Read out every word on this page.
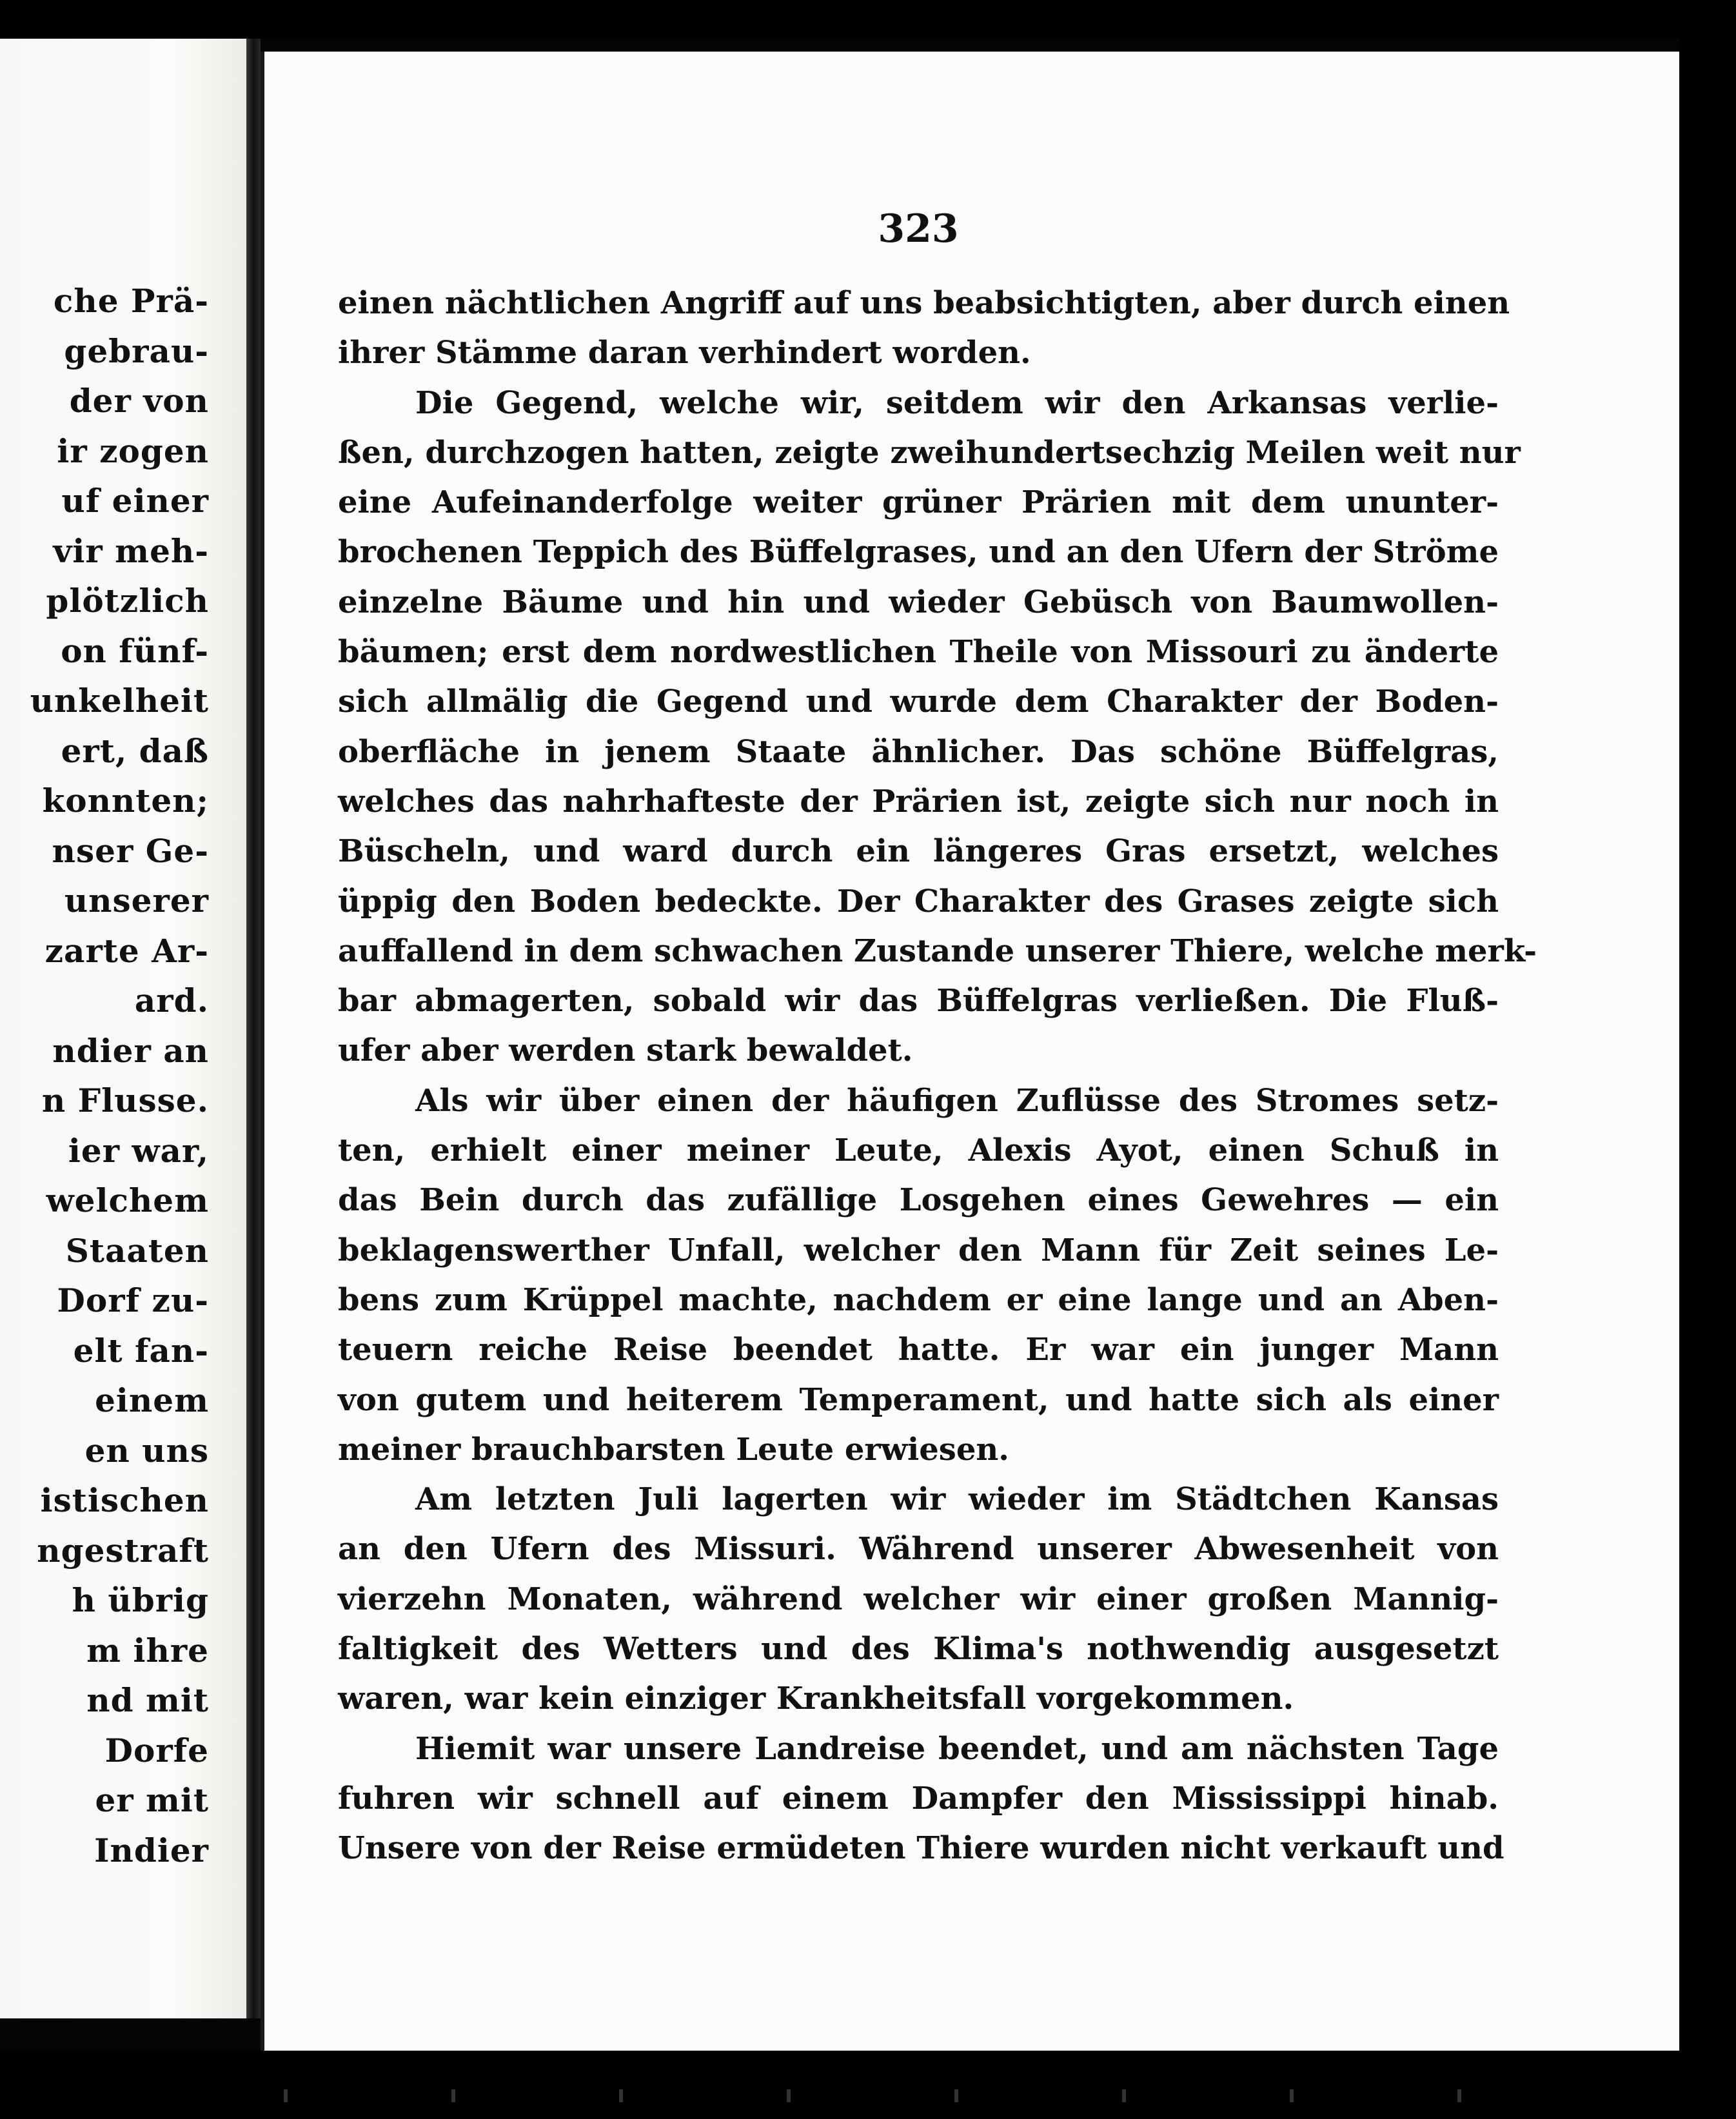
che Prä-
gebrau-
der von
ir zogen
uf einer
vir meh-
plötzlich
on fünf-
unkelheit
ert, daß
konnten;
nser Ge-
unserer
zarte Ar-
ard.
ndier an
n Flusse.
ier war,
welchem
Staaten
Dorf zu-
elt fan-
einem
en uns
istischen
ngestraft
h übrig
m ihre
nd mit
Dorfe
er mit
Indier
323
einen nächtlichen Angriff auf uns beabsichtigten, aber durch einen
ihrer Stämme daran verhindert worden.
Die Gegend, welche wir, seitdem wir den Arkansas verlie-
ßen, durchzogen hatten, zeigte zweihundertsechzig Meilen weit nur
eine Aufeinanderfolge weiter grüner Prärien mit dem ununter-
brochenen Teppich des Büffelgrases, und an den Ufern der Ströme
einzelne Bäume und hin und wieder Gebüsch von Baumwollen-
bäumen; erst dem nordwestlichen Theile von Missouri zu änderte
sich allmälig die Gegend und wurde dem Charakter der Boden-
oberfläche in jenem Staate ähnlicher. Das schöne Büffelgras,
welches das nahrhafteste der Prärien ist, zeigte sich nur noch in
Büscheln, und ward durch ein längeres Gras ersetzt, welches
üppig den Boden bedeckte. Der Charakter des Grases zeigte sich
auffallend in dem schwachen Zustande unserer Thiere, welche merk-
bar abmagerten, sobald wir das Büffelgras verließen. Die Fluß-
ufer aber werden stark bewaldet.
Als wir über einen der häufigen Zuflüsse des Stromes setz-
ten, erhielt einer meiner Leute, Alexis Ayot, einen Schuß in
das Bein durch das zufällige Losgehen eines Gewehres — ein
beklagenswerther Unfall, welcher den Mann für Zeit seines Le-
bens zum Krüppel machte, nachdem er eine lange und an Aben-
teuern reiche Reise beendet hatte. Er war ein junger Mann
von gutem und heiterem Temperament, und hatte sich als einer
meiner brauchbarsten Leute erwiesen.
Am letzten Juli lagerten wir wieder im Städtchen Kansas
an den Ufern des Missuri. Während unserer Abwesenheit von
vierzehn Monaten, während welcher wir einer großen Mannig-
faltigkeit des Wetters und des Klima's nothwendig ausgesetzt
waren, war kein einziger Krankheitsfall vorgekommen.
Hiemit war unsere Landreise beendet, und am nächsten Tage
fuhren wir schnell auf einem Dampfer den Mississippi hinab.
Unsere von der Reise ermüdeten Thiere wurden nicht verkauft und
